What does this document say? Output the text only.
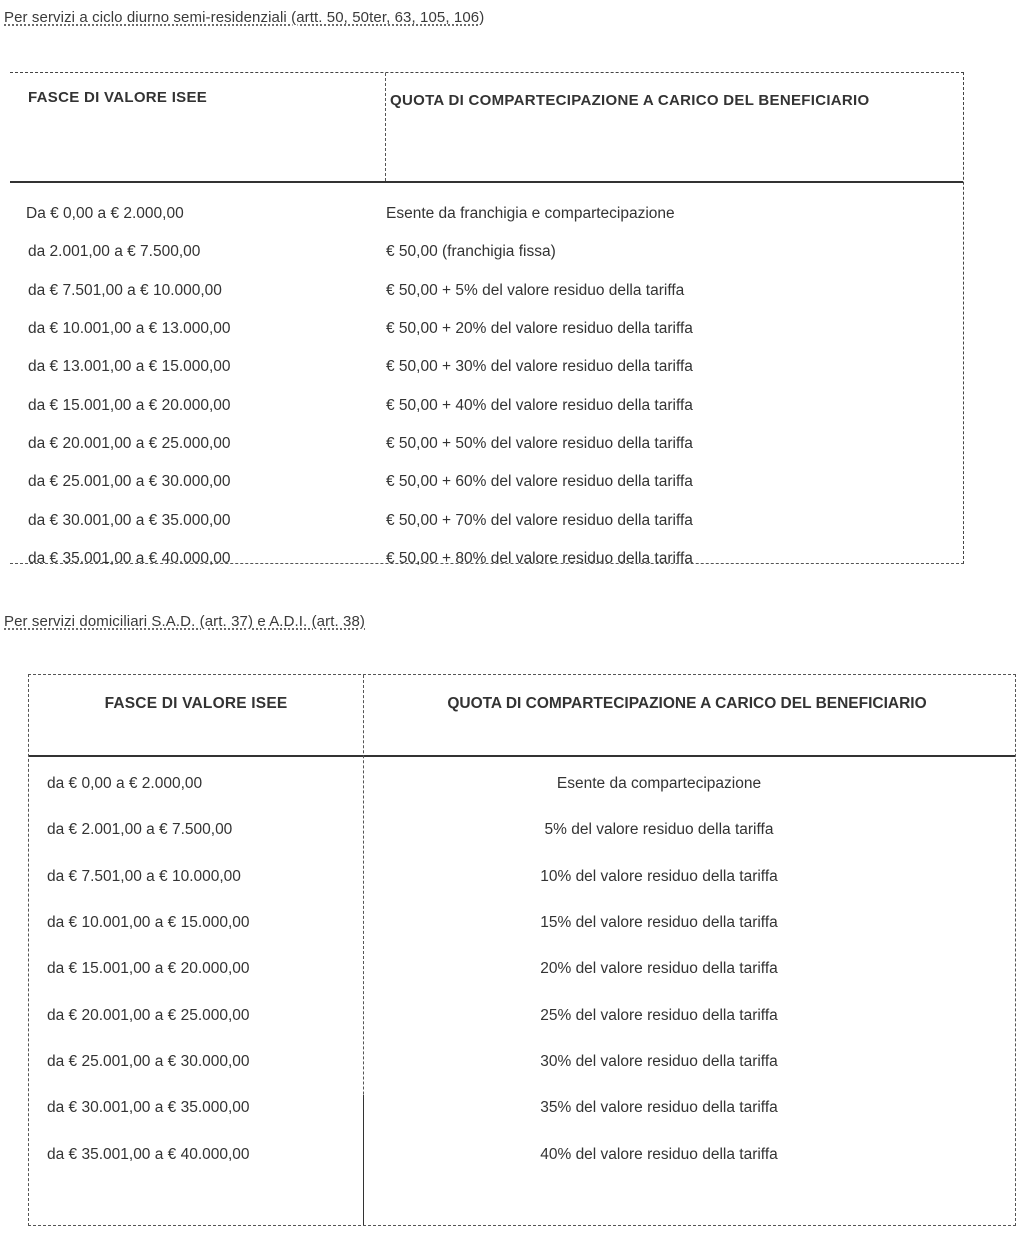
Per servizi a ciclo diurno semi-residenziali (artt. 50, 50ter, 63, 105, 106)
FASCE DI VALORE ISEE	QUOTA DI COMPARTECIPAZIONE A CARICO DEL BENEFICIARIO
Da € 0,00 a € 2.000,00	Esente da franchigia e compartecipazione
da 2.001,00 a € 7.500,00	€ 50,00 (franchigia fissa)
da € 7.501,00 a € 10.000,00	€ 50,00 + 5% del valore residuo della tariffa
da € 10.001,00 a € 13.000,00	€ 50,00 + 20% del valore residuo della tariffa
da € 13.001,00 a € 15.000,00	€ 50,00 + 30% del valore residuo della tariffa
da € 15.001,00 a € 20.000,00	€ 50,00 + 40% del valore residuo della tariffa
da € 20.001,00 a € 25.000,00	€ 50,00 + 50% del valore residuo della tariffa
da € 25.001,00 a € 30.000,00	€ 50,00 + 60% del valore residuo della tariffa
da € 30.001,00 a € 35.000,00	€ 50,00 + 70% del valore residuo della tariffa
da € 35.001,00 a € 40.000,00	€ 50,00 + 80% del valore residuo della tariffa
Per servizi domiciliari S.A.D. (art. 37) e A.D.I. (art. 38)
FASCE DI VALORE ISEE	QUOTA DI COMPARTECIPAZIONE A CARICO DEL BENEFICIARIO
da € 0,00 a € 2.000,00	Esente da compartecipazione
da € 2.001,00 a € 7.500,00	5% del valore residuo della tariffa
da € 7.501,00 a € 10.000,00	10% del valore residuo della tariffa
da € 10.001,00 a € 15.000,00	15% del valore residuo della tariffa
da € 15.001,00 a € 20.000,00	20% del valore residuo della tariffa
da € 20.001,00 a € 25.000,00	25% del valore residuo della tariffa
da € 25.001,00 a € 30.000,00	30% del valore residuo della tariffa
da € 30.001,00 a € 35.000,00	35% del valore residuo della tariffa
da € 35.001,00 a € 40.000,00	40% del valore residuo della tariffa
